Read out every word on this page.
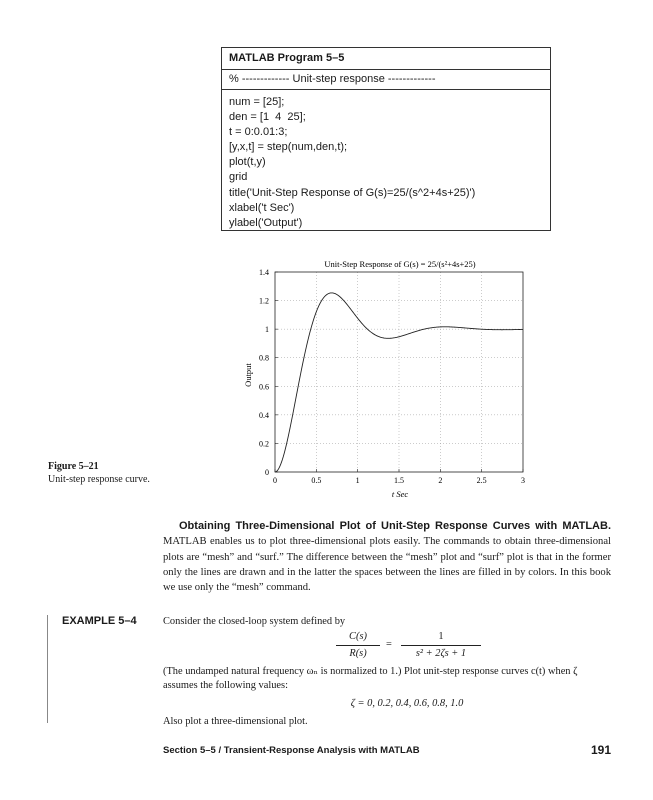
MATLAB Program 5–5
% ------------- Unit-step response -------------
num = [25];
den = [1  4  25];
t = 0:0.01:3;
[y,x,t] = step(num,den,t);
plot(t,y)
grid
title('Unit-Step Response of G(s)=25/(s^2+4s+25)')
xlabel('t Sec')
ylabel('Output')
Unit-Step Response of G(s) = 25/(s²+4s+25)
0	0.5	1	1.5	2	2.5	3
0
0.2
0.4
0.6
0.8
1
1.2
1.4
t Sec
Output
Figure 5–21
Unit-step response curve.
Obtaining Three-Dimensional Plot of Unit-Step Response Curves with MATLAB. MATLAB enables us to plot three-dimensional plots easily. The commands to obtain three-dimensional plots are “mesh” and “surf.” The difference between the “mesh” plot and “surf” plot is that in the former only the lines are drawn and in the latter the spaces between the lines are filled in by colors. In this book we use only the “mesh” command.
EXAMPLE 5–4	Consider the closed-loop system defined by
C(s)
R(s)
=
1
s² + 2ζs + 1
(The undamped natural frequency ωₙ is normalized to 1.) Plot unit-step response curves c(t) when ζ assumes the following values:
ζ = 0, 0.2, 0.4, 0.6, 0.8, 1.0
Also plot a three-dimensional plot.
Section 5–5 / Transient-Response Analysis with MATLAB	191
